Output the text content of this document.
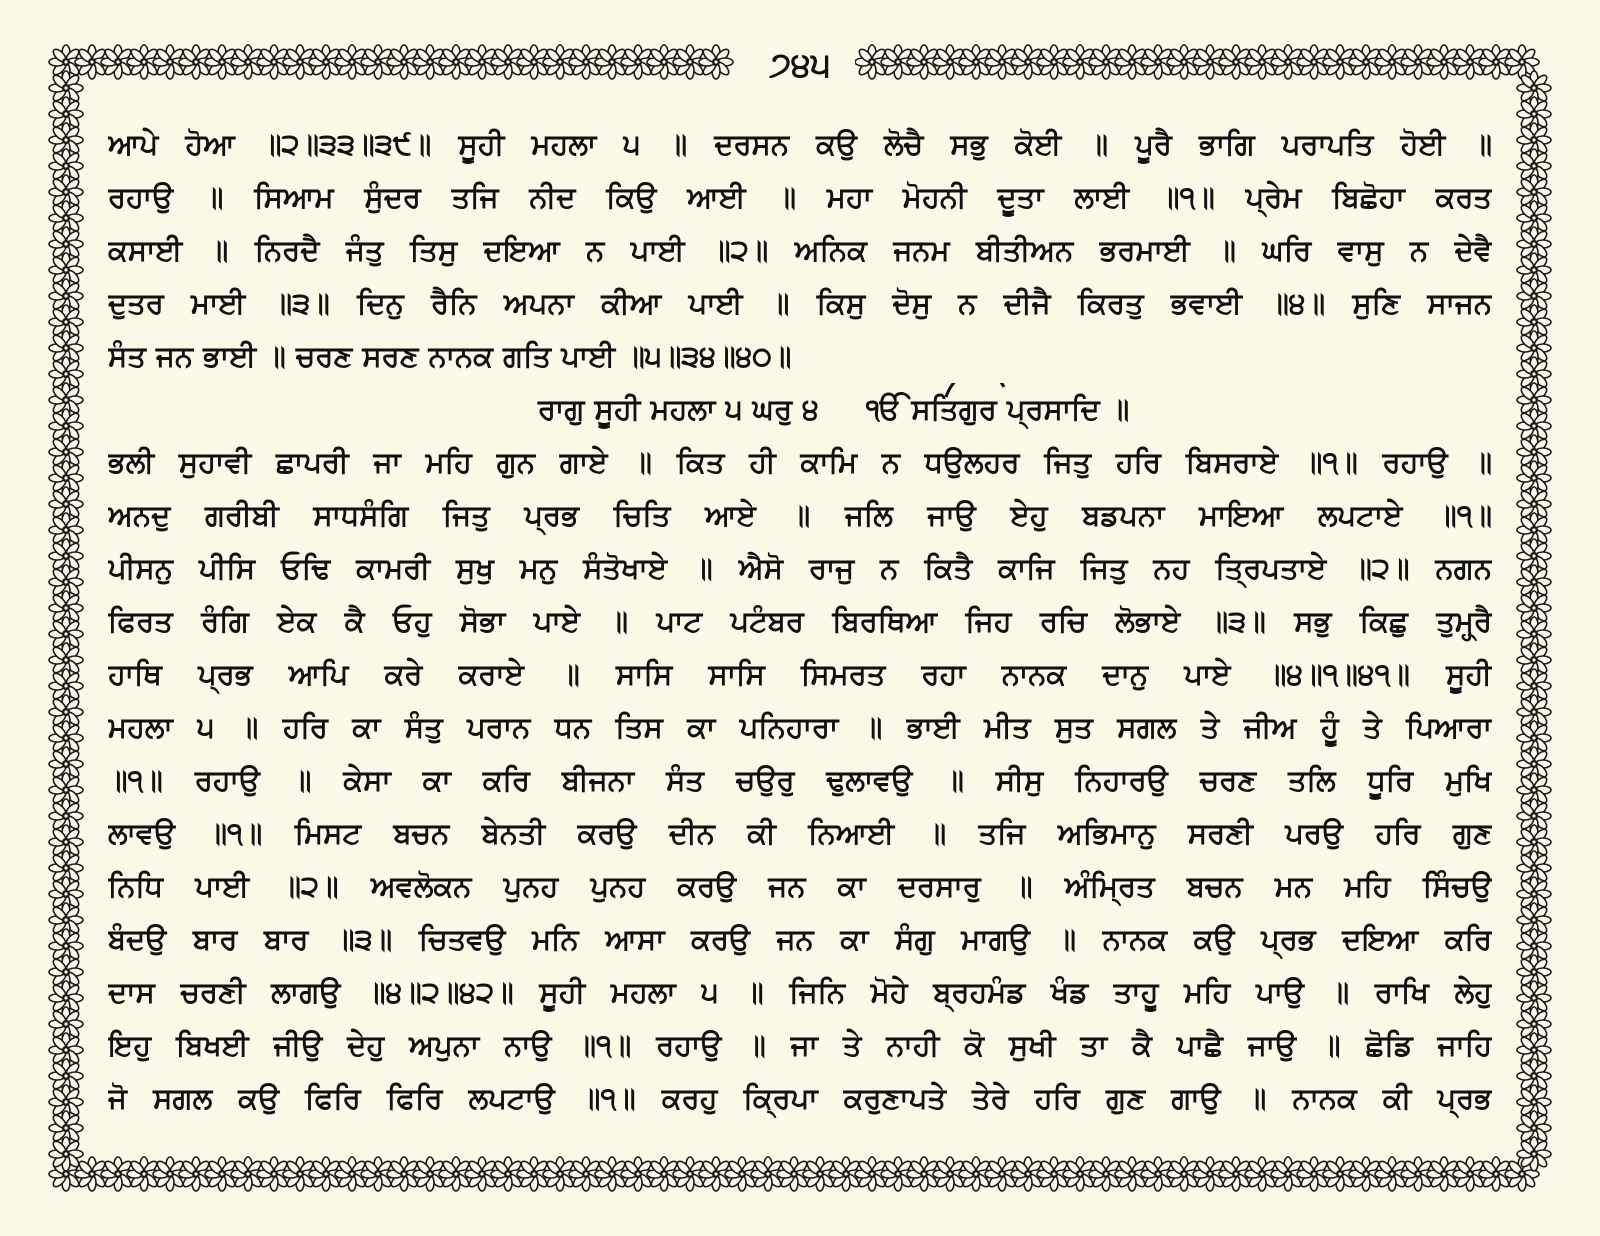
੭੪੫
ਆਪੇ ਹੋਆ ॥੨॥੩੩॥੩੯॥ ਸੂਹੀ ਮਹਲਾ ੫ ॥ ਦਰਸਨ ਕਉ ਲੋਚੈ ਸਭੁ ਕੋਈ ॥ ਪੂਰੈ ਭਾਗਿ ਪਰਾਪਤਿ ਹੋਈ ॥
ਰਹਾਉ ॥ ਸਿਆਮ ਸੁੰਦਰ ਤਜਿ ਨੀਦ ਕਿਉ ਆਈ ॥ ਮਹਾ ਮੋਹਨੀ ਦੂਤਾ ਲਾਈ ॥੧॥ ਪ੍ਰੇਮ ਬਿਛੋਹਾ ਕਰਤ
ਕਸਾਈ ॥ ਨਿਰਦੈ ਜੰਤੁ ਤਿਸੁ ਦਇਆ ਨ ਪਾਈ ॥੨॥ ਅਨਿਕ ਜਨਮ ਬੀਤੀਅਨ ਭਰਮਾਈ ॥ ਘਰਿ ਵਾਸੁ ਨ ਦੇਵੈ
ਦੁਤਰ ਮਾਈ ॥੩॥ ਦਿਨੁ ਰੈਨਿ ਅਪਨਾ ਕੀਆ ਪਾਈ ॥ ਕਿਸੁ ਦੋਸੁ ਨ ਦੀਜੈ ਕਿਰਤੁ ਭਵਾਈ ॥੪॥ ਸੁਣਿ ਸਾਜਨ
ਸੰਤ ਜਨ ਭਾਈ ॥ ਚਰਣ ਸਰਣ ਨਾਨਕ ਗਤਿ ਪਾਈ ॥੫॥੩੪॥੪੦॥
ਰਾਗੁ ਸੂਹੀ ਮਹਲਾ ੫ ਘਰੁ ੪ ੴ ਸਤਿਗੁਰ ਪ੍ਰਸਾਦਿ ॥
ਭਲੀ ਸੁਹਾਵੀ ਛਾਪਰੀ ਜਾ ਮਹਿ ਗੁਨ ਗਾਏ ॥ ਕਿਤ ਹੀ ਕਾਮਿ ਨ ਧਉਲਹਰ ਜਿਤੁ ਹਰਿ ਬਿਸਰਾਏ ॥੧॥ ਰਹਾਉ ॥
ਅਨਦੁ ਗਰੀਬੀ ਸਾਧਸੰਗਿ ਜਿਤੁ ਪ੍ਰਭ ਚਿਤਿ ਆਏ ॥ ਜਲਿ ਜਾਉ ਏਹੁ ਬਡਪਨਾ ਮਾਇਆ ਲਪਟਾਏ ॥੧॥
ਪੀਸਨੁ ਪੀਸਿ ਓਢਿ ਕਾਮਰੀ ਸੁਖੁ ਮਨੁ ਸੰਤੋਖਾਏ ॥ ਐਸੋ ਰਾਜੁ ਨ ਕਿਤੈ ਕਾਜਿ ਜਿਤੁ ਨਹ ਤ੍ਰਿਪਤਾਏ ॥੨॥ ਨਗਨ
ਫਿਰਤ ਰੰਗਿ ਏਕ ਕੈ ਓਹੁ ਸੋਭਾ ਪਾਏ ॥ ਪਾਟ ਪਟੰਬਰ ਬਿਰਥਿਆ ਜਿਹ ਰਚਿ ਲੋਭਾਏ ॥੩॥ ਸਭੁ ਕਿਛੁ ਤੁਮ੍ਹ੍ਰੈ
ਹਾਥਿ ਪ੍ਰਭ ਆਪਿ ਕਰੇ ਕਰਾਏ ॥ ਸਾਸਿ ਸਾਸਿ ਸਿਮਰਤ ਰਹਾ ਨਾਨਕ ਦਾਨੁ ਪਾਏ ॥੪॥੧॥੪੧॥ ਸੂਹੀ
ਮਹਲਾ ੫ ॥ ਹਰਿ ਕਾ ਸੰਤੁ ਪਰਾਨ ਧਨ ਤਿਸ ਕਾ ਪਨਿਹਾਰਾ ॥ ਭਾਈ ਮੀਤ ਸੁਤ ਸਗਲ ਤੇ ਜੀਅ ਹੂੰ ਤੇ ਪਿਆਰਾ
॥੧॥ ਰਹਾਉ ॥ ਕੇਸਾ ਕਾ ਕਰਿ ਬੀਜਨਾ ਸੰਤ ਚਉਰੁ ਢੁਲਾਵਉ ॥ ਸੀਸੁ ਨਿਹਾਰਉ ਚਰਣ ਤਲਿ ਧੂਰਿ ਮੁਖਿ
ਲਾਵਉ ॥੧॥ ਮਿਸਟ ਬਚਨ ਬੇਨਤੀ ਕਰਉ ਦੀਨ ਕੀ ਨਿਆਈ ॥ ਤਜਿ ਅਭਿਮਾਨੁ ਸਰਣੀ ਪਰਉ ਹਰਿ ਗੁਣ
ਨਿਧਿ ਪਾਈ ॥੨॥ ਅਵਲੋਕਨ ਪੁਨਹ ਪੁਨਹ ਕਰਉ ਜਨ ਕਾ ਦਰਸਾਰੁ ॥ ਅੰਮ੍ਰਿਤ ਬਚਨ ਮਨ ਮਹਿ ਸਿੰਚਉ
ਬੰਦਉ ਬਾਰ ਬਾਰ ॥੩॥ ਚਿਤਵਉ ਮਨਿ ਆਸਾ ਕਰਉ ਜਨ ਕਾ ਸੰਗੁ ਮਾਗਉ ॥ ਨਾਨਕ ਕਉ ਪ੍ਰਭ ਦਇਆ ਕਰਿ
ਦਾਸ ਚਰਣੀ ਲਾਗਉ ॥੪॥੨॥੪੨॥ ਸੂਹੀ ਮਹਲਾ ੫ ॥ ਜਿਨਿ ਮੋਹੇ ਬ੍ਰਹਮੰਡ ਖੰਡ ਤਾਹੂ ਮਹਿ ਪਾਉ ॥ ਰਾਖਿ ਲੇਹੁ
ਇਹੁ ਬਿਖਈ ਜੀਉ ਦੇਹੁ ਅਪੁਨਾ ਨਾਉ ॥੧॥ ਰਹਾਉ ॥ ਜਾ ਤੇ ਨਾਹੀ ਕੋ ਸੁਖੀ ਤਾ ਕੈ ਪਾਛੈ ਜਾਉ ॥ ਛੋਡਿ ਜਾਹਿ
ਜੋ ਸਗਲ ਕਉ ਫਿਰਿ ਫਿਰਿ ਲਪਟਾਉ ॥੧॥ ਕਰਹੁ ਕ੍ਰਿਪਾ ਕਰੁਣਾਪਤੇ ਤੇਰੇ ਹਰਿ ਗੁਣ ਗਾਉ ॥ ਨਾਨਕ ਕੀ ਪ੍ਰਭ
